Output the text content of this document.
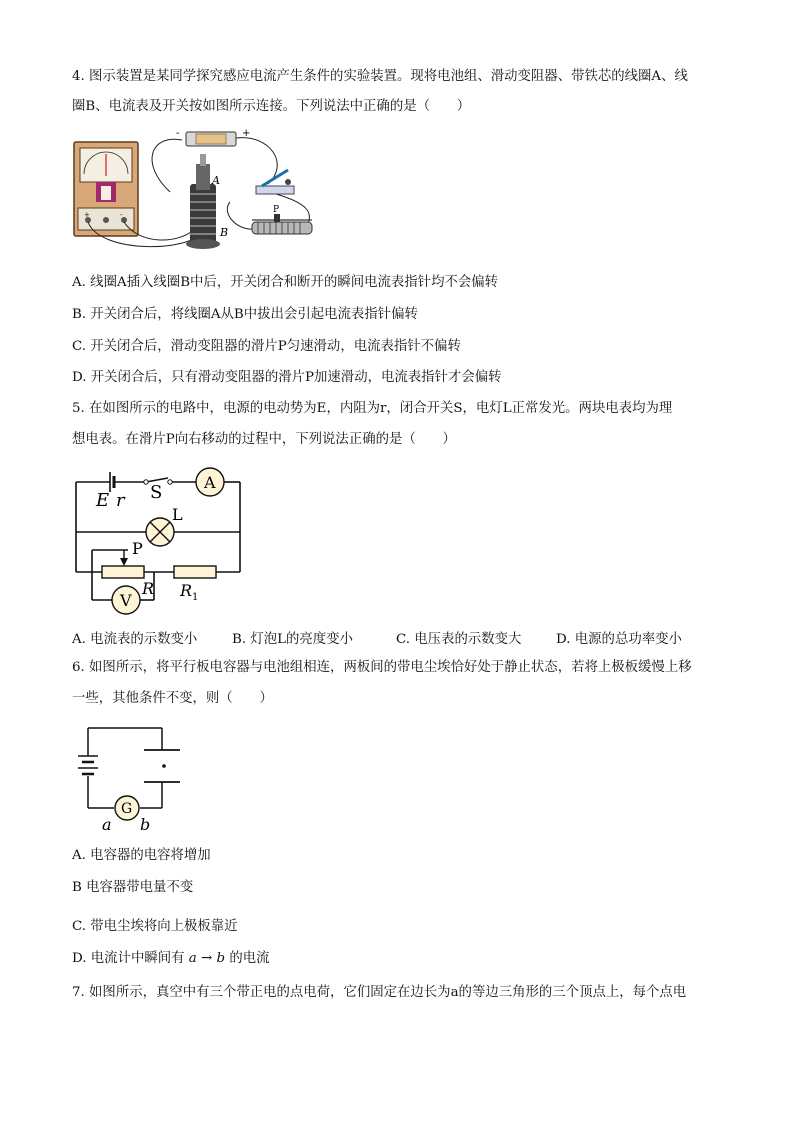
4. 图示装置是某同学探究感应电流产生条件的实验装置。现将电池组、滑动变阻器、带铁芯的线圈A、线
圈B、电流表及开关按如图所示连接。下列说法中正确的是（　　）
+	-
-	+
A
B
P
A. 线圈A插入线圈B中后，开关闭合和断开的瞬间电流表指针均不会偏转
B. 开关闭合后，将线圈A从B中拔出会引起电流表指针偏转
C. 开关闭合后，滑动变阻器的滑片P匀速滑动，电流表指针不偏转
D. 开关闭合后，只有滑动变阻器的滑片P加速滑动，电流表指针才会偏转
5. 在如图所示的电路中，电源的电动势为E，内阻为r，闭合开关S，电灯L正常发光。两块电表均为理
想电表。在滑片P向右移动的过程中，下列说法正确的是（　　）
A
L
P
R R 1
V
E r S
A. 电流表的示数变小	B. 灯泡L的亮度变小	C. 电压表的示数变大	D. 电源的总功率变小
6. 如图所示，将平行板电容器与电池组相连，两板间的带电尘埃恰好处于静止状态，若将上极板缓慢上移
一些，其他条件不变，则（　　）
G
a b
A. 电容器的电容将增加
B 电容器带电量不变
C. 带电尘埃将向上极板靠近
D. 电流计中瞬间有 a → b 的电流
7. 如图所示，真空中有三个带正电的点电荷，它们固定在边长为a的等边三角形的三个顶点上，每个点电
